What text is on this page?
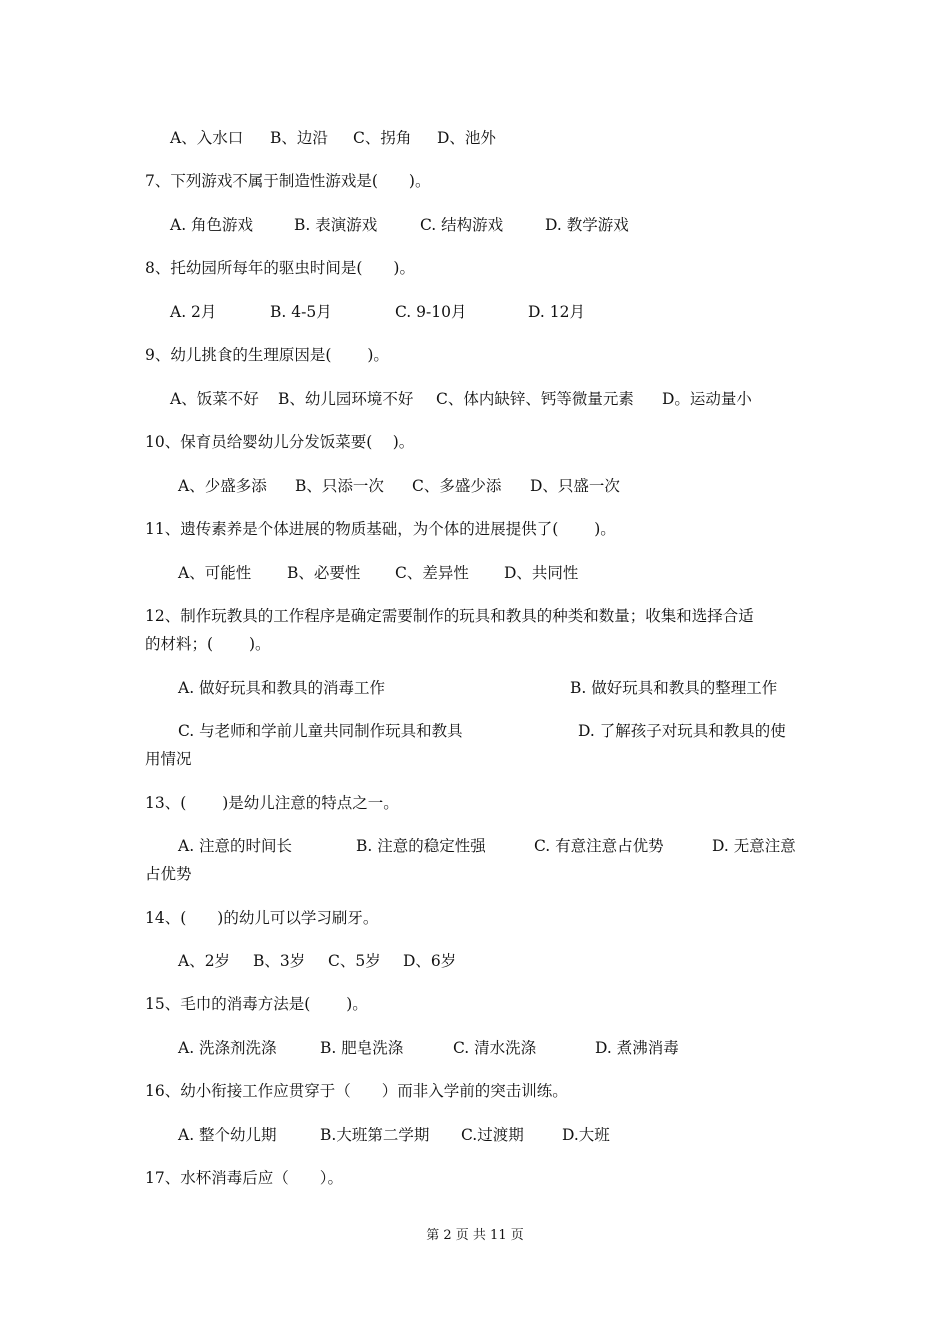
A、入水口 B、边沿 C、拐角 D、池外
7、下列游戏不属于制造性游戏是(　　)。
A. 角色游戏	B. 表演游戏	C. 结构游戏	D. 教学游戏
8、托幼园所每年的驱虫时间是(　　)。
A. 2月	B. 4-5月	C. 9-10月	D. 12月
9、幼儿挑食的生理原因是(　　 )。
A、饭菜不好 B、幼儿园环境不好 C、体内缺锌、钙等微量元素 D。运动量小
10、保育员给婴幼儿分发饭菜要(　 )。
A、少盛多添 B、只添一次 C、多盛少添 D、只盛一次
11、遗传素养是个体进展的物质基础，为个体的进展提供了(　　 )。
A、可能性 B、必要性 C、差异性 D、共同性
12、制作玩教具的工作程序是确定需要制作的玩具和教具的种类和数量；收集和选择合适
的材料；(　　 )。
A. 做好玩具和教具的消毒工作	B. 做好玩具和教具的整理工作
C. 与老师和学前儿童共同制作玩具和教具	D. 了解孩子对玩具和教具的使
用情况
13、(　　 )是幼儿注意的特点之一。
A. 注意的时间长	B. 注意的稳定性强	C. 有意注意占优势	D. 无意注意
占优势
14、(　　)的幼儿可以学习刷牙。
A、2岁 B、3岁 C、5岁 D、6岁
15、毛巾的消毒方法是(　　 )。
A. 洗涤剂洗涤	B. 肥皂洗涤	C. 清水洗涤	D. 煮沸消毒
16、幼小衔接工作应贯穿于（　　）而非入学前的突击训练。
A. 整个幼儿期	B.大班第二学期 C.过渡期 D.大班
17、水杯消毒后应（　　）。
第 2 页 共 11 页
